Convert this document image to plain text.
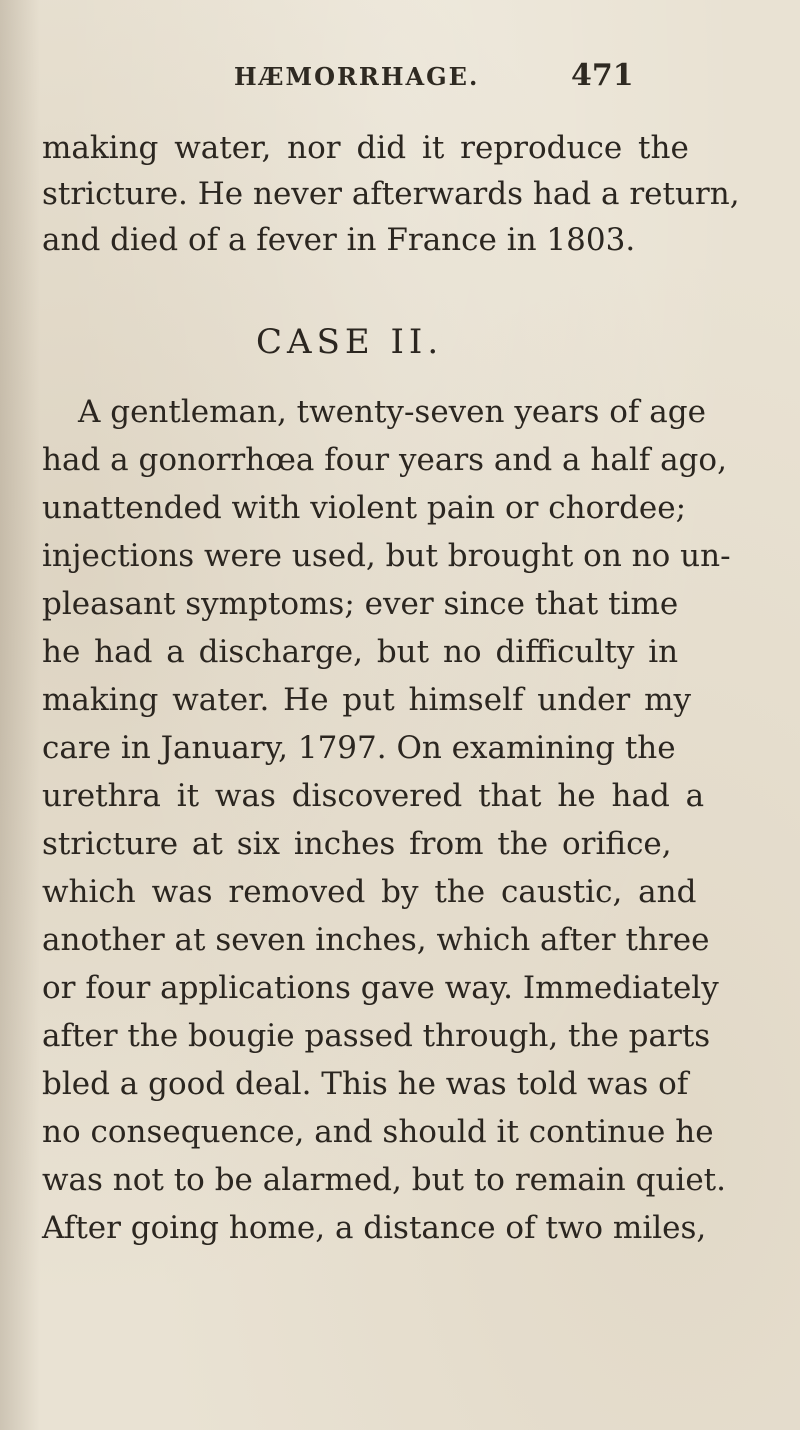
HÆMORRHAGE.	471
making water, nor did it reproduce the
stricture. He never afterwards had a return,
and died of a fever in France in 1803.
CASE II.
A gentleman, twenty-seven years of age
had a gonorrhœa four years and a half ago,
unattended with violent pain or chordee;
injections were used, but brought on no un-
pleasant symptoms; ever since that time
he had a discharge, but no difficulty in
making water. He put himself under my
care in January, 1797. On examining the
urethra it was discovered that he had a
stricture at six inches from the orifice,
which was removed by the caustic, and
another at seven inches, which after three
or four applications gave way. Immediately
after the bougie passed through, the parts
bled a good deal. This he was told was of
no consequence, and should it continue he
was not to be alarmed, but to remain quiet.
After going home, a distance of two miles,
